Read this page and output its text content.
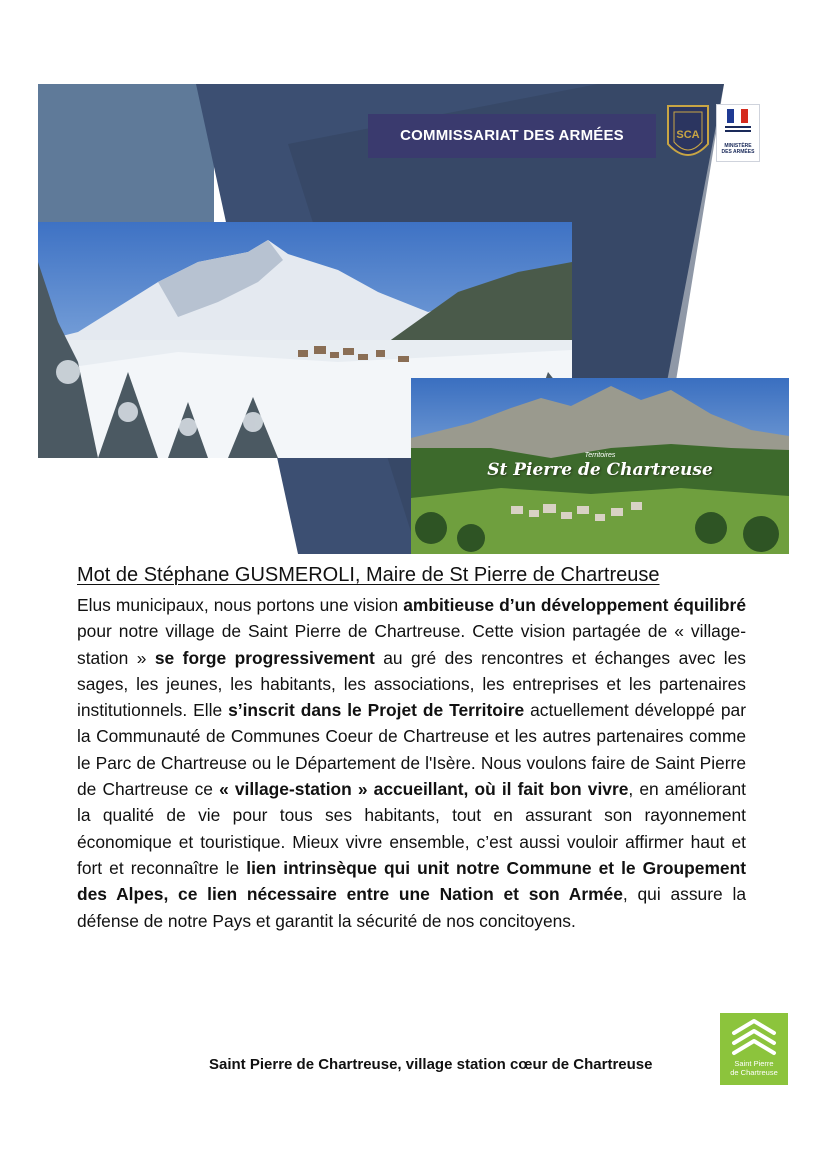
COMMISSARIAT DES ARMÉES	SCA
MINISTÈRE
DES ARMÉES
Territoires
St Pierre de Chartreuse
Mot de Stéphane GUSMEROLI, Maire de St Pierre de Chartreuse
Elus municipaux, nous portons une vision ambitieuse d’un développement équilibré pour notre village de Saint Pierre de Chartreuse. Cette vision partagée de « village-station » se forge progressivement au gré des rencontres et échanges avec les sages, les jeunes, les habitants, les associations, les entreprises et les partenaires institutionnels. Elle s’inscrit dans le Projet de Territoire actuellement développé par la Communauté de Communes Coeur de Chartreuse et les autres partenaires comme le Parc de Chartreuse ou le Département de l'Isère. Nous voulons faire de Saint Pierre de Chartreuse ce « village-station » accueillant, où il fait bon vivre, en améliorant la qualité de vie pour tous ses habitants, tout en assurant son rayonnement économique et touristique. Mieux vivre ensemble, c’est aussi vouloir affirmer haut et fort et reconnaître le lien intrinsèque qui unit notre Commune et le Groupement des Alpes, ce lien nécessaire entre une Nation et son Armée, qui assure la défense de notre Pays et garantit la sécurité de nos concitoyens.
Saint Pierre de Chartreuse, village station cœur de Chartreuse	Saint Pierre
de Chartreuse
